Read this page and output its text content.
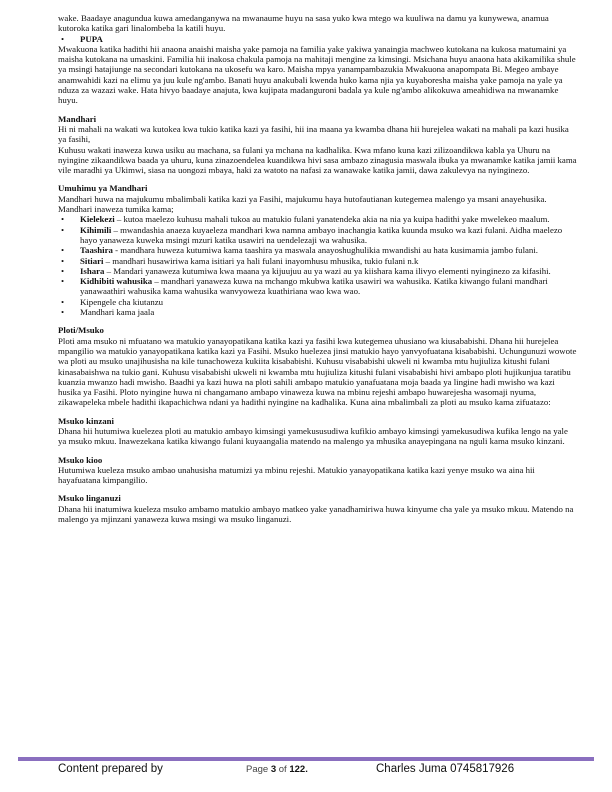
wake. Baadaye anagundua kuwa amedanganywa na mwanaume huyu na sasa yuko kwa mtego wa kuuliwa na damu ya kunywewa, anamua kutoroka katika gari linalombeba la katili huyu.

• PUPA

Mwakuona katika hadithi hii anaona anaishi maisha yake pamoja na familia yake yakiwa yanaingia machweo kutokana na kukosa matumaini ya maisha kutokana na umaskini. Familia hii inakosa chakula pamoja na mahitaji mengine za kimsingi. Msichana huyu anaona hata akikamilika shule ya msingi hatajiunge na secondari kutokana na ukosefu wa karo. Maisha mpya yanampambazukia Mwakuona anapompata Bi. Megeo ambaye anamwahidi kazi na elimu ya juu kule ng'ambo. Banati huyu anakubali kwenda huko kama njia ya kuyaboresha maisha yake pamoja na yale ya nduza za wazazi wake. Hata hivyo baadaye anajuta, kwa kujipata madanguroni badala ya kule ng'ambo alikokuwa ameahidiwa na mwanamke huyu.

Mandhari

Hi ni mahali na wakati wa kutokea kwa tukio katika kazi ya fasihi, hii ina maana ya kwamba dhana hii hurejelea wakati na mahali pa kazi husika ya fasihi,
Kuhusu wakati inaweza kuwa usiku au machana, sa fulani ya mchana na kadhalika. Kwa mfano kuna kazi zilizoandikwa kabla ya Uhuru na nyingine zikaandikwa baada ya uhuru, kuna zinazoendelea kuandikwa hivi sasa ambazo zinagusia maswala ibuka ya mwanamke katika jamii kama vile maradhi ya Ukimwi, siasa na uongozi mbaya, haki za watoto na nafasi za wanawake katika jamii, dawa zakulevya na nyinginezo.

Umuhimu ya Mandhari

Mandhari huwa na majukumu mbalimbali katika kazi ya Fasihi, majukumu haya hutofautianan kutegemea malengo ya msani anayehusika.
Mandhari inaweza tumika kama;

• Kielekezi – kutoa maelezo kuhusu mahali tukoa au matukio fulani yanatendeka akia na nia ya kuipa hadithi yake mwelekeo maalum.
• Kihimili – mwandashia anaeza kuyaeleza mandhari kwa namna ambayo inachangia katika kuunda msuko wa kazi fulani. Aidha maelezo hayo yanaweza kuweka msingi mzuri katika usawiri na uendelezaji wa wahusika.
• Taashira - mandhara huweza kutumiwa kama taashira ya maswala anayoshughulikia mwandishi au hata kusimamia jambo fulani.
• Sitiari – mandhari husawiriwa kama isitiari ya hali fulani inayomhusu mhusika, tukio fulani n.k
• Ishara – Mandari yanaweza kutumiwa kwa maana ya kijuujuu au ya wazi au ya kiishara kama ilivyo elementi nyinginezo za kifasihi.
• Kidhibiti wahusika – mandhari yanaweza kuwa na mchango mkubwa katika usawiri wa wahusika. Katika kiwango fulani mandhari yanawaathiri wahusika kama wahusika wanvyoweza kuathiriana wao kwa wao.
• Kipengele cha kiutanzu
• Mandhari kama jaala
Ploti/Msuko

Ploti ama msuko ni mfuatano wa matukio yanayopatikana katika kazi ya fasihi kwa kutegemea uhusiano wa kiusababishi. Dhana hii hurejelea mpangilio wa matukio yanayopatikana katika kazi ya Fasihi. Msuko huelezea jinsi matukio hayo yanvyofuatana kisababishi. Uchungunuzi wowote wa ploti au msuko unajihusisha na kile tunachoweza kukiita kisababishi. Kuhusu visababishi ukweli ni kwamba mtu hujiuliza kitushi fulani kinasabaishwa na tukio gani. Kuhusu visababishi ukweli ni kwamba mtu hujiuliza kitushi fulani visababishi hivi ambapo ploti hujikunjua taratibu kuanzia mwanzo hadi mwisho. Baadhi ya kazi huwa na ploti sahili ambapo matukio yanafuatana moja baada ya lingine hadi mwisho wa kazi husika ya Fasihi. Ploto nyingine huwa ni changamano ambapo vinaweza kuwa na mbinu rejeshi ambapo huwarejesha wasomaji nyuma, zikawapeleka mbele hadithi ikapachichwa ndani ya hadithi nyingine na kadhalika. Kuna aina mbalimbali za ploti au msuko kama zifuatazo:

Msuko kinzani

Dhana hii hutumiwa kuelezea ploti au matukio ambayo kimsingi yamekususudiwa kufikio ambayo kimsingi yamekusudiwa kufika lengo na yale ya msuko mkuu. Inawezekana katika kiwango fulani kuyaangalia matendo na malengo ya mhusika anayepingana na nguli kama msuko kinzani.

Msuko kioo

Hutumiwa kueleza msuko ambao unahusisha matumizi ya mbinu rejeshi. Matukio yanayopatikana katika kazi yenye msuko wa aina hii hayafuatana kimpangilio.

Msuko linganuzi

Dhana hii inatumiwa kueleza msuko ambamo matukio ambayo matkeo yake yanadhamiriwa huwa kinyume cha yale ya msuko mkuu. Matendo na malengo ya mjinzani yanaweza kuwa msingi wa msuko linganuzi.

Content prepared by	Page 3 of 122.	Charles Juma 0745817926
